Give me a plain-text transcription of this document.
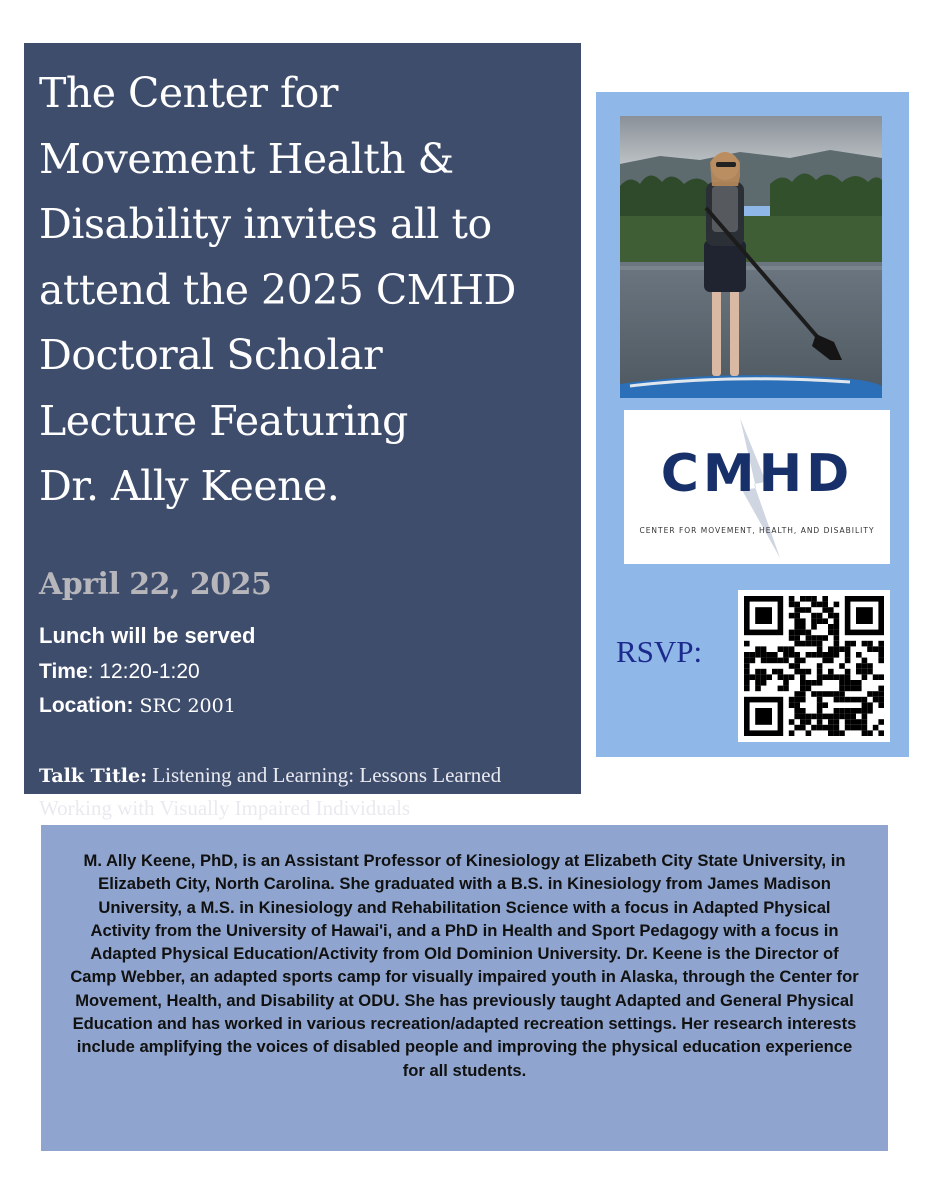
The Center for
Movement Health &
Disability invites all to
attend the 2025 CMHD
Doctoral Scholar
Lecture Featuring
Dr. Ally Keene.

April 22, 2025

Lunch will be served

Time: 12:20-1:20

Location: SRC 2001

Talk Title: Listening and Learning: Lessons Learned Working with Visually Impaired Individuals

CMHD

CENTER FOR MOVEMENT, HEALTH, AND DISABILITY

RSVP:

M. Ally Keene, PhD, is an Assistant Professor of Kinesiology at Elizabeth City State University, in Elizabeth City, North Carolina. She graduated with a B.S. in Kinesiology from James Madison University, a M.S. in Kinesiology and Rehabilitation Science with a focus in Adapted Physical Activity from the University of Hawai'i, and a PhD in Health and Sport Pedagogy with a focus in Adapted Physical Education/Activity from Old Dominion University. Dr. Keene is the Director of Camp Webber, an adapted sports camp for visually impaired youth in Alaska, through the Center for Movement, Health, and Disability at ODU. She has previously taught Adapted and General Physical Education and has worked in various recreation/adapted recreation settings. Her research interests include amplifying the voices of disabled people and improving the physical education experience for all students.
